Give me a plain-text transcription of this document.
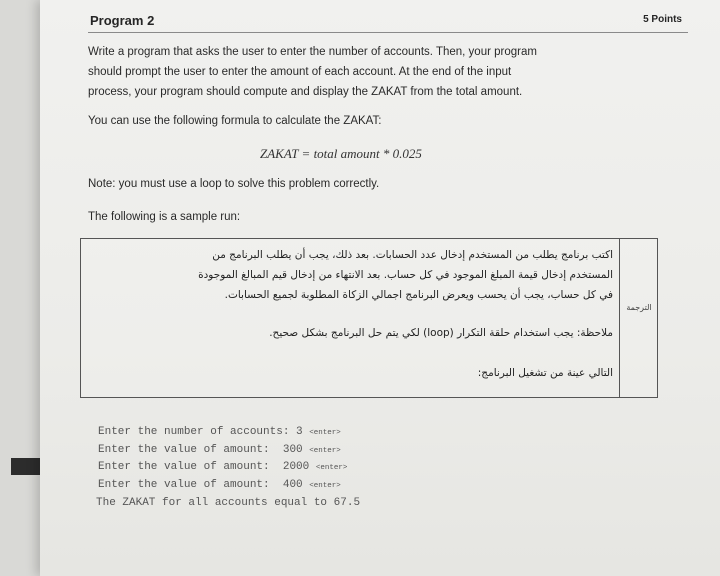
Program 2	5 Points
Write a program that asks the user to enter the number of accounts. Then, your program
should prompt the user to enter the amount of each account. At the end of the input
process, your program should compute and display the ZAKAT from the total amount.
You can use the following formula to calculate the ZAKAT:
ZAKAT = total amount * 0.025
Note: you must use a loop to solve this problem correctly.
The following is a sample run:
الترجمة
اكتب برنامج يطلب من المستخدم إدخال عدد الحسابات. بعد ذلك، يجب أن يطلب البرنامج من
المستخدم إدخال قيمة المبلغ الموجود في كل حساب. بعد الانتهاء من إدخال قيم المبالغ الموجودة
في كل حساب، يجب أن يحسب ويعرض البرنامج اجمالي الزكاة المطلوبة لجميع الحسابات.
ملاحظة: يجب استخدام حلقة التكرار (loop) لكي يتم حل البرنامج بشكل صحيح.
التالي عينة من تشغيل البرنامج:
Enter the number of accounts: 3 <enter>
Enter the value of amount: 300 <enter>
Enter the value of amount: 2000 <enter>
Enter the value of amount: 400 <enter>
The ZAKAT for all accounts equal to 67.5
